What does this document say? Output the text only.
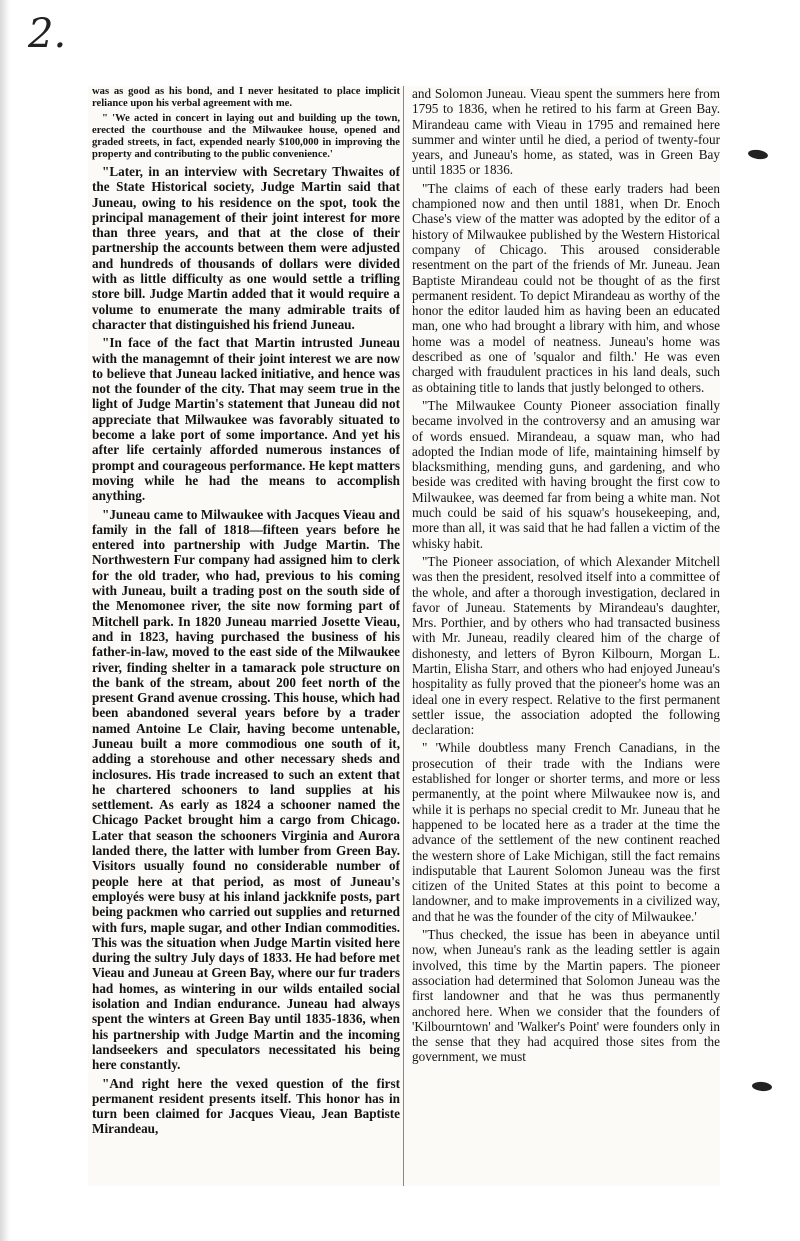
2.

was as good as his bond, and I never hesitated to place implicit reliance upon his verbal agreement with me.

" 'We acted in concert in laying out and building up the town, erected the courthouse and the Milwaukee house, opened and graded streets, in fact, expended nearly $100,000 in improving the property and contributing to the public convenience.'

"Later, in an interview with Secretary Thwaites of the State Historical society, Judge Martin said that Juneau, owing to his residence on the spot, took the principal management of their joint interest for more than three years, and that at the close of their partnership the accounts between them were adjusted and hundreds of thousands of dollars were divided with as little difficulty as one would settle a trifling store bill. Judge Martin added that it would require a volume to enumerate the many admirable traits of character that distinguished his friend Juneau.

"In face of the fact that Martin intrusted Juneau with the managemnt of their joint interest we are now to believe that Juneau lacked initiative, and hence was not the founder of the city. That may seem true in the light of Judge Martin's statement that Juneau did not appreciate that Milwaukee was favorably situated to become a lake port of some importance. And yet his after life certainly afforded numerous instances of prompt and courageous performance. He kept matters moving while he had the means to accomplish anything.

"Juneau came to Milwaukee with Jacques Vieau and family in the fall of 1818—fifteen years before he entered into partnership with Judge Martin. The Northwestern Fur company had assigned him to clerk for the old trader, who had, previous to his coming with Juneau, built a trading post on the south side of the Menomonee river, the site now forming part of Mitchell park. In 1820 Juneau married Josette Vieau, and in 1823, having purchased the business of his father-in-law, moved to the east side of the Milwaukee river, finding shelter in a tamarack pole structure on the bank of the stream, about 200 feet north of the present Grand avenue crossing. This house, which had been abandoned several years before by a trader named Antoine Le Clair, having become untenable, Juneau built a more commodious one south of it, adding a storehouse and other necessary sheds and inclosures. His trade increased to such an extent that he chartered schooners to land supplies at his settlement. As early as 1824 a schooner named the Chicago Packet brought him a cargo from Chicago. Later that season the schooners Virginia and Aurora landed there, the latter with lumber from Green Bay. Visitors usually found no considerable number of people here at that period, as most of Juneau's employés were busy at his inland jackknife posts, part being packmen who carried out supplies and returned with furs, maple sugar, and other Indian commodities. This was the situation when Judge Martin visited here during the sultry July days of 1833. He had before met Vieau and Juneau at Green Bay, where our fur traders had homes, as wintering in our wilds entailed social isolation and Indian endurance. Juneau had always spent the winters at Green Bay until 1835-1836, when his partnership with Judge Martin and the incoming landseekers and speculators necessitated his being here constantly.

"And right here the vexed question of the first permanent resident presents itself. This honor has in turn been claimed for Jacques Vieau, Jean Baptiste Mirandeau,

and Solomon Juneau. Vieau spent the summers here from 1795 to 1836, when he retired to his farm at Green Bay. Mirandeau came with Vieau in 1795 and remained here summer and winter until he died, a period of twenty-four years, and Juneau's home, as stated, was in Green Bay until 1835 or 1836.

"The claims of each of these early traders had been championed now and then until 1881, when Dr. Enoch Chase's view of the matter was adopted by the editor of a history of Milwaukee published by the Western Historical company of Chicago. This aroused considerable resentment on the part of the friends of Mr. Juneau. Jean Baptiste Mirandeau could not be thought of as the first permanent resident. To depict Mirandeau as worthy of the honor the editor lauded him as having been an educated man, one who had brought a library with him, and whose home was a model of neatness. Juneau's home was described as one of 'squalor and filth.' He was even charged with fraudulent practices in his land deals, such as obtaining title to lands that justly belonged to others.

"The Milwaukee County Pioneer association finally became involved in the controversy and an amusing war of words ensued. Mirandeau, a squaw man, who had adopted the Indian mode of life, maintaining himself by blacksmithing, mending guns, and gardening, and who beside was credited with having brought the first cow to Milwaukee, was deemed far from being a white man. Not much could be said of his squaw's housekeeping, and, more than all, it was said that he had fallen a victim of the whisky habit.

"The Pioneer association, of which Alexander Mitchell was then the president, resolved itself into a committee of the whole, and after a thorough investigation, declared in favor of Juneau. Statements by Mirandeau's daughter, Mrs. Porthier, and by others who had transacted business with Mr. Juneau, readily cleared him of the charge of dishonesty, and letters of Byron Kilbourn, Morgan L. Martin, Elisha Starr, and others who had enjoyed Juneau's hospitality as fully proved that the pioneer's home was an ideal one in every respect. Relative to the first permanent settler issue, the association adopted the following declaration:

" 'While doubtless many French Canadians, in the prosecution of their trade with the Indians were established for longer or shorter terms, and more or less permanently, at the point where Milwaukee now is, and while it is perhaps no special credit to Mr. Juneau that he happened to be located here as a trader at the time the advance of the settlement of the new continent reached the western shore of Lake Michigan, still the fact remains indisputable that Laurent Solomon Juneau was the first citizen of the United States at this point to become a landowner, and to make improvements in a civilized way, and that he was the founder of the city of Milwaukee.'

"Thus checked, the issue has been in abeyance until now, when Juneau's rank as the leading settler is again involved, this time by the Martin papers. The pioneer association had determined that Solomon Juneau was the first landowner and that he was thus permanently anchored here. When we consider that the founders of 'Kilbourntown' and 'Walker's Point' were founders only in the sense that they had acquired those sites from the government, we must
